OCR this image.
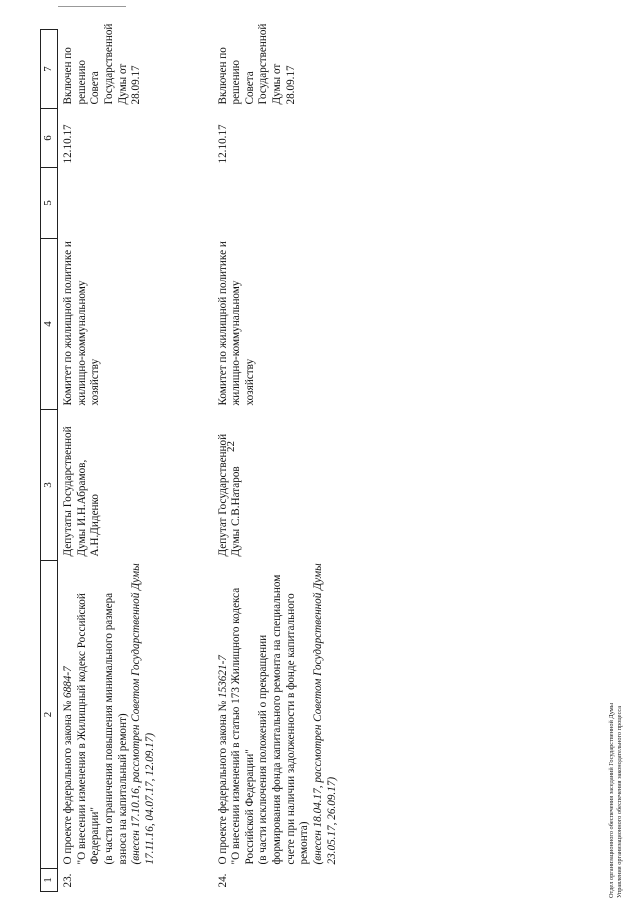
22
1	2	3	4	5	6	7
23.	О проекте федерального закона № 6884-7 "О внесении изменения в Жилищный кодекс Российской Федерации" (в части ограничения повышения минимального размера взноса на капитальный ремонт) (внесен 17.10.16, рассмотрен Советом Государственной Думы 17.11.16, 04.07.17, 12.09.17)	Депутаты Государственной Думы И.Н.Абрамов, А.Н.Диденко	Комитет по жилищной политике и жилищно-коммунальному хозяйству		12.10.17	Включен по решению Совета Государственной Думы от 28.09.17
24.	О проекте федерального закона № 153621-7 "О внесении изменений в статью 173 Жилищного кодекса Российской Федерации" (в части исключения положений о прекращении формирования фонда капитального ремонта на специальном счете при наличии задолженности в фонде капитального ремонта) (внесен 18.04.17, рассмотрен Советом Государственной Думы 23.05.17, 26.09.17)	Депутат Государственной Думы С.В.Натаров	Комитет по жилищной политике и жилищно-коммунальному хозяйству		12.10.17	Включен по решению Совета Государственной Думы от 28.09.17
Отдел организационного обеспечения заседаний Государственной Думы Управления организационного обеспечения законодательного процесса
